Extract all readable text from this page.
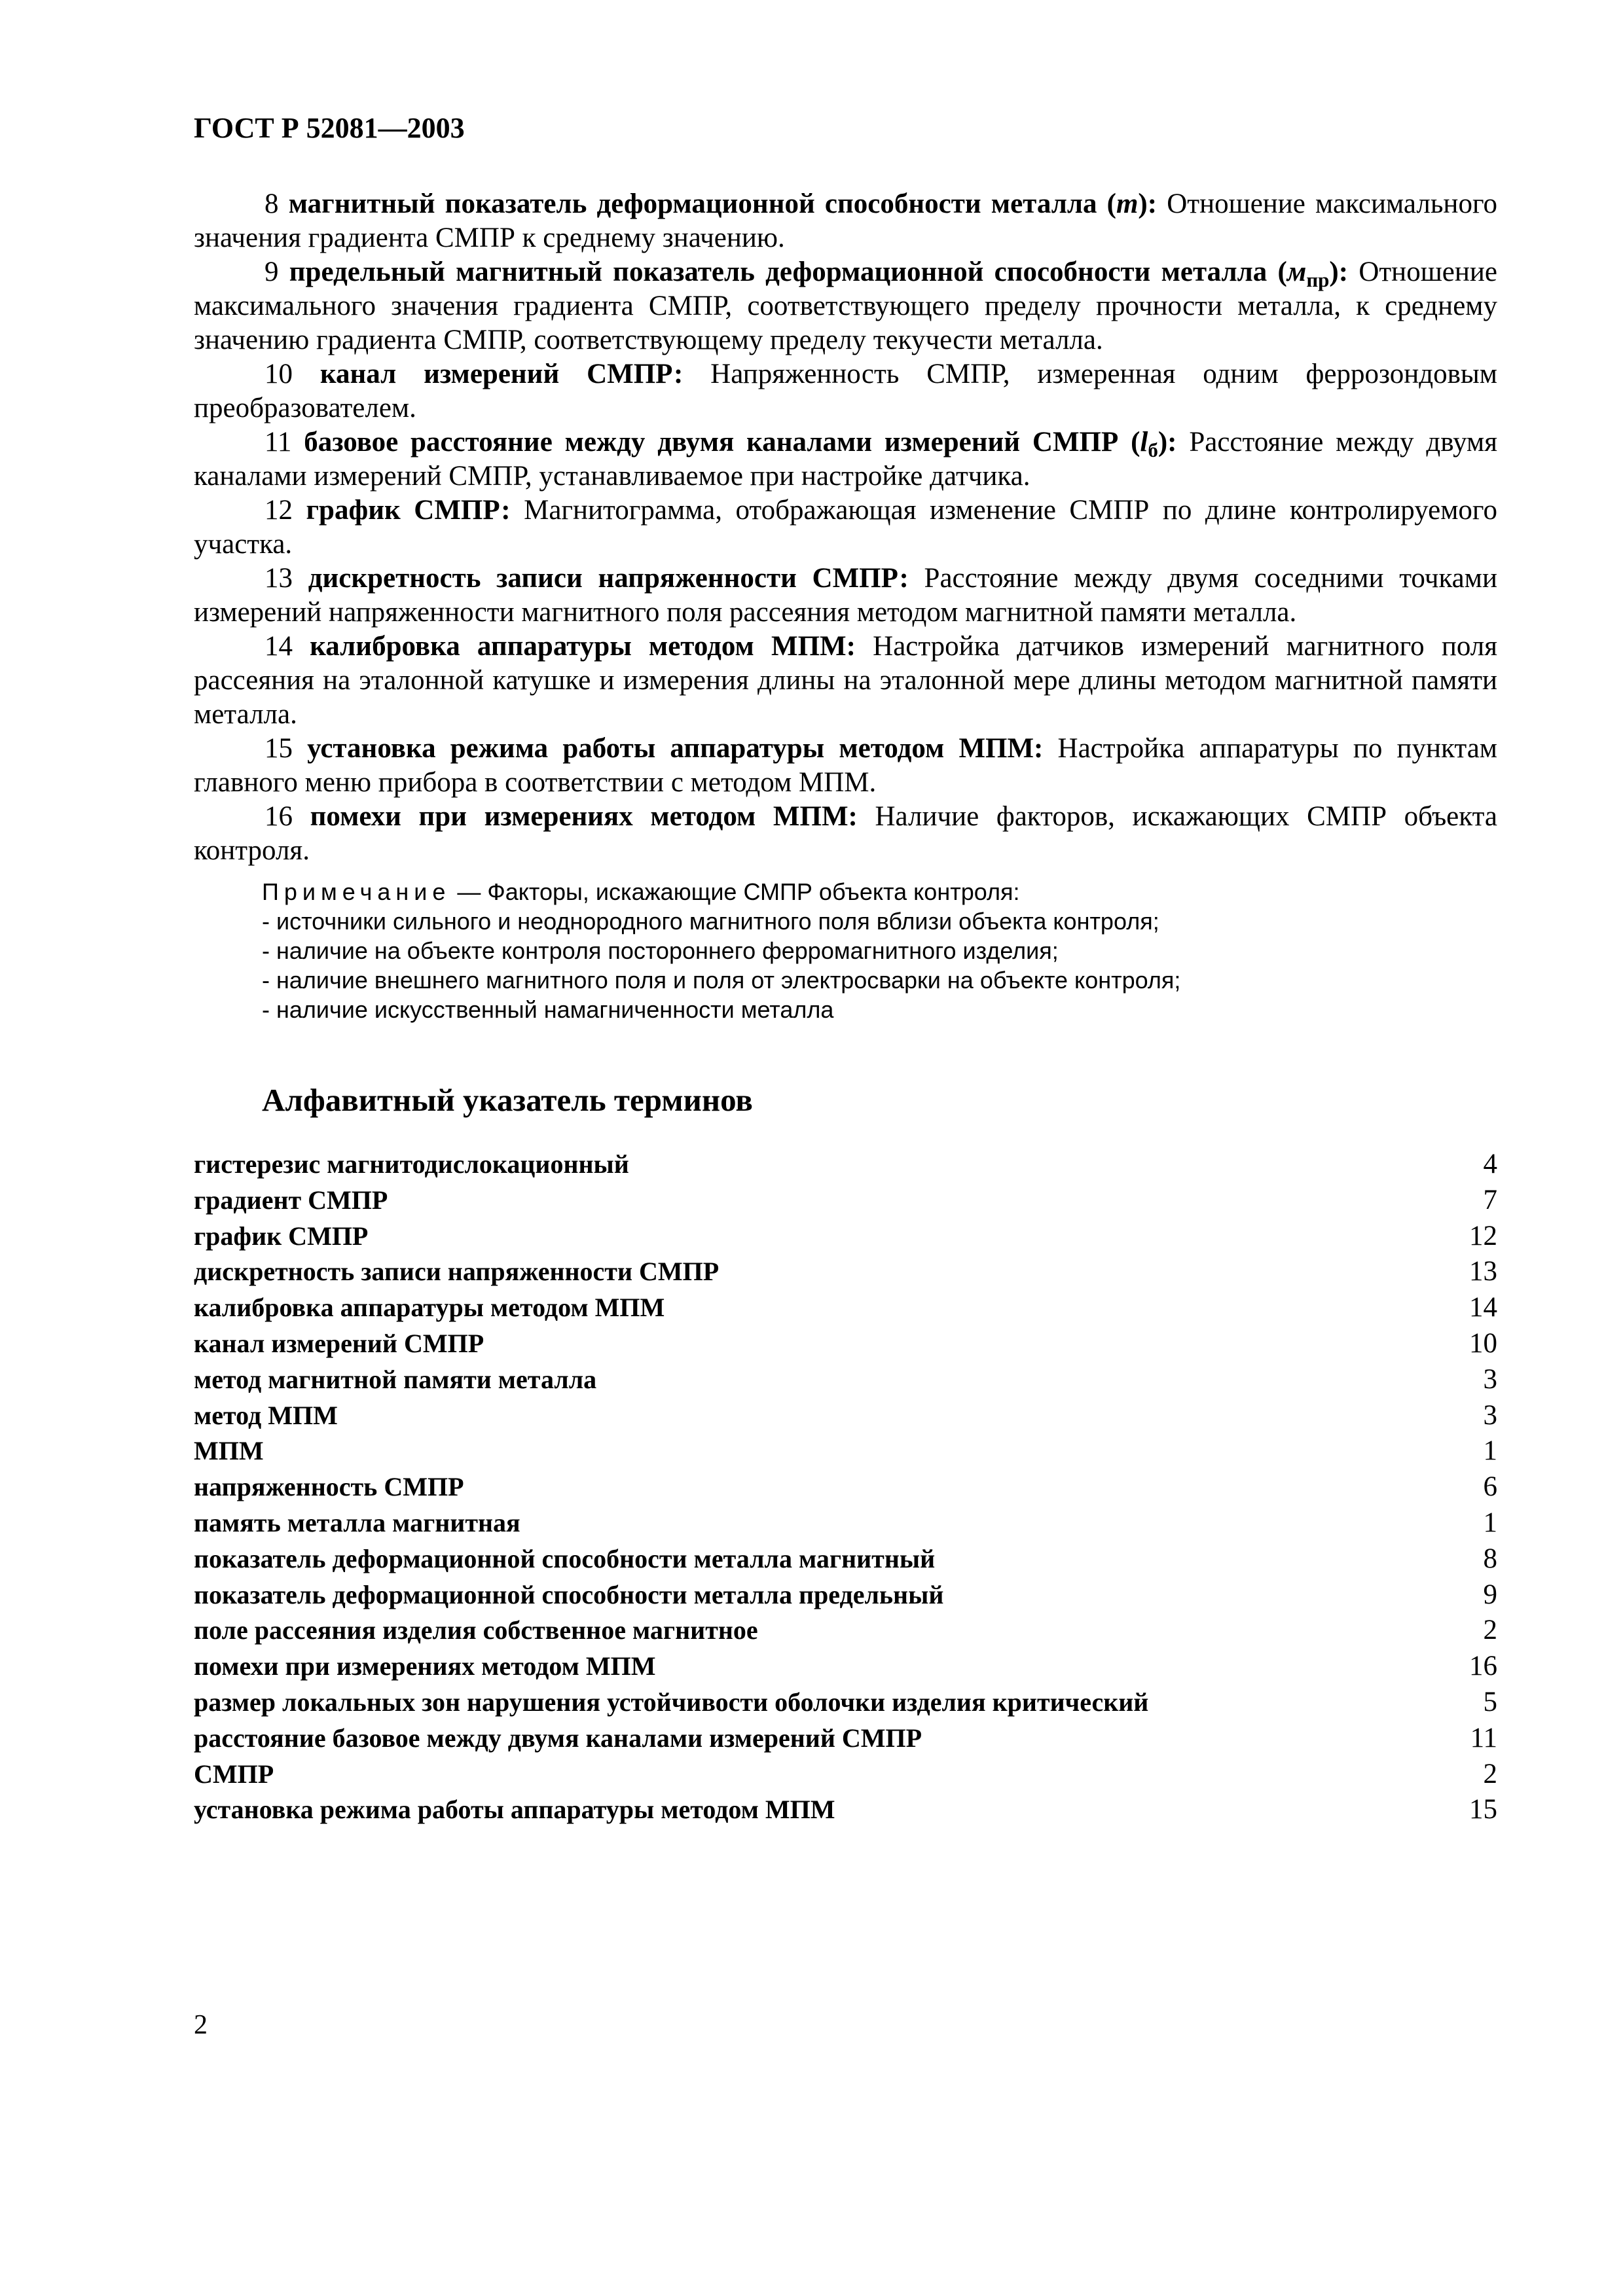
ГОСТ Р 52081—2003

8 магнитный показатель деформационной способности металла (m): Отношение максимального значения градиента СМПР к среднему значению.

9 предельный магнитный показатель деформационной способности металла $(м_{пр})$: Отношение максимального значения градиента СМПР, соответствующего пределу прочности металла, к среднему значению градиента СМПР, соответствующему пределу текучести металла.

10 канал измерений СМПР: Напряженность СМПР, измеренная одним феррозондовым преобразователем.

11 базовое расстояние между двумя каналами измерений СМПР $(l_б)$: Расстояние между двумя каналами измерений СМПР, устанавливаемое при настройке датчика.

12 график СМПР: Магнитограмма, отображающая изменение СМПР по длине контролируемого участка.

13 дискретность записи напряженности СМПР: Расстояние между двумя соседними точками измерений напряженности магнитного поля рассеяния методом магнитной памяти металла.

14 калибровка аппаратуры методом МПМ: Настройка датчиков измерений магнитного поля рассеяния на эталонной катушке и измерения длины на эталонной мере длины методом магнитной памяти металла.

15 установка режима работы аппаратуры методом МПМ: Настройка аппаратуры по пунктам главного меню прибора в соответствии с методом МПМ.

16 помехи при измерениях методом МПМ: Наличие факторов, искажающих СМПР объекта контроля.

Примечание — Факторы, искажающие СМПР объекта контроля:

- источники сильного и неоднородного магнитного поля вблизи объекта контроля;

- наличие на объекте контроля постороннего ферромагнитного изделия;

- наличие внешнего магнитного поля и поля от электросварки на объекте контроля;

- наличие искусственный намагниченности металла

Алфавитный указатель терминов
гистерезис магнитодислокационный	4
градиент СМПР	7
график СМПР	12
дискретность записи напряженности СМПР	13
калибровка аппаратуры методом МПМ	14
канал измерений СМПР	10
метод магнитной памяти металла	3
метод МПМ	3
МПМ	1
напряженность СМПР	6
память металла магнитная	1
показатель деформационной способности металла магнитный	8
показатель деформационной способности металла предельный	9
поле рассеяния изделия собственное магнитное	2
помехи при измерениях методом МПМ	16
размер локальных зон нарушения устойчивости оболочки изделия критический	5
расстояние базовое между двумя каналами измерений СМПР	11
СМПР	2
установка режима работы аппаратуры методом МПМ	15
2
